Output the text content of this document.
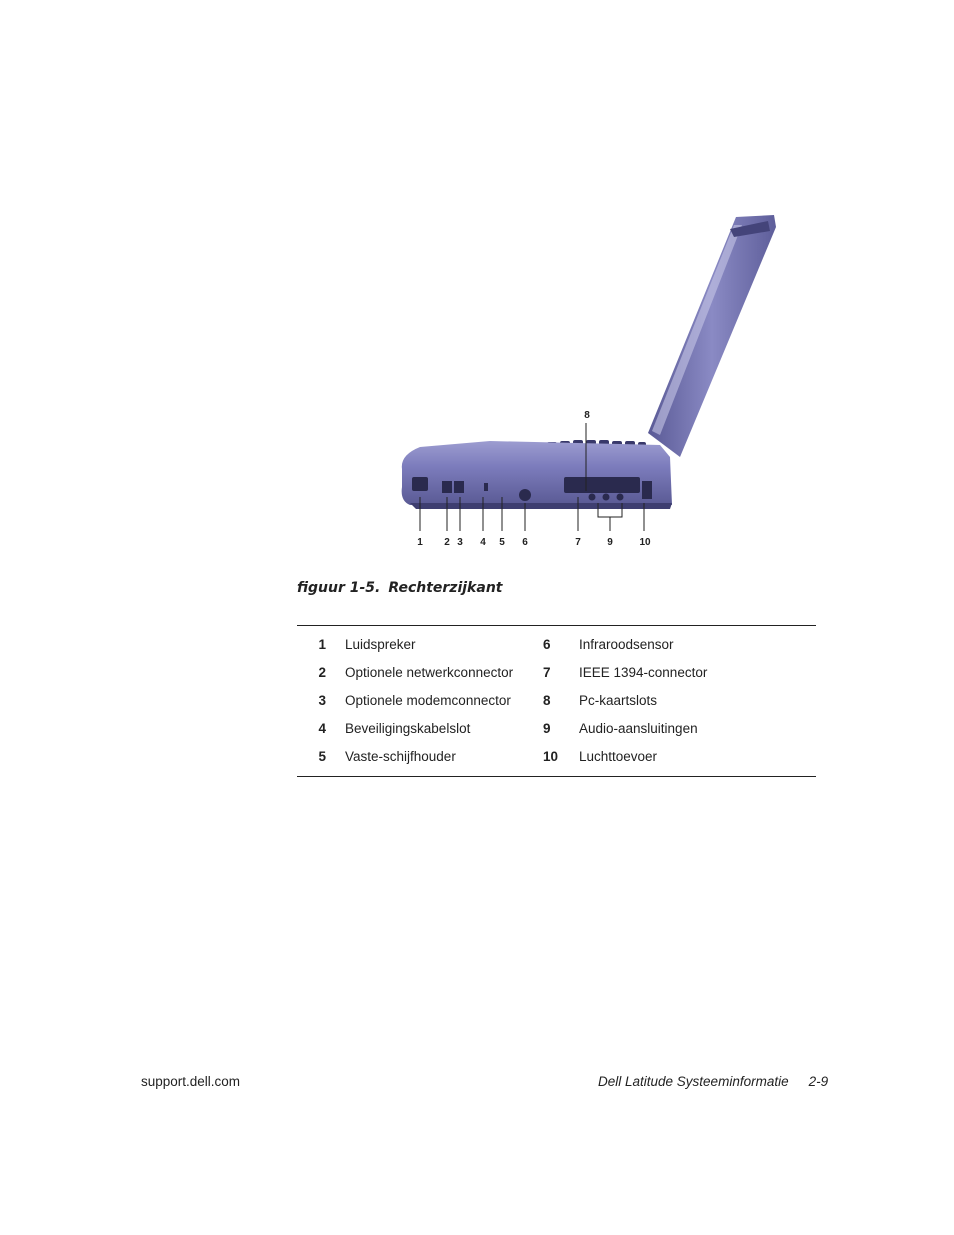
1 2 3 4 5 6	7
8
9	10
figuur 1-5. Rechterzijkant
1	Luidspreker	6	Infraroodsensor
2	Optionele netwerkconnector	7	IEEE 1394-connector
3	Optionele modemconnector	8	Pc-kaartslots
4	Beveiligingskabelslot	9	Audio-aansluitingen
5	Vaste-schijfhouder	10	Luchttoevoer
support.dell.com	Dell Latitude Systeeminformatie 2-9
